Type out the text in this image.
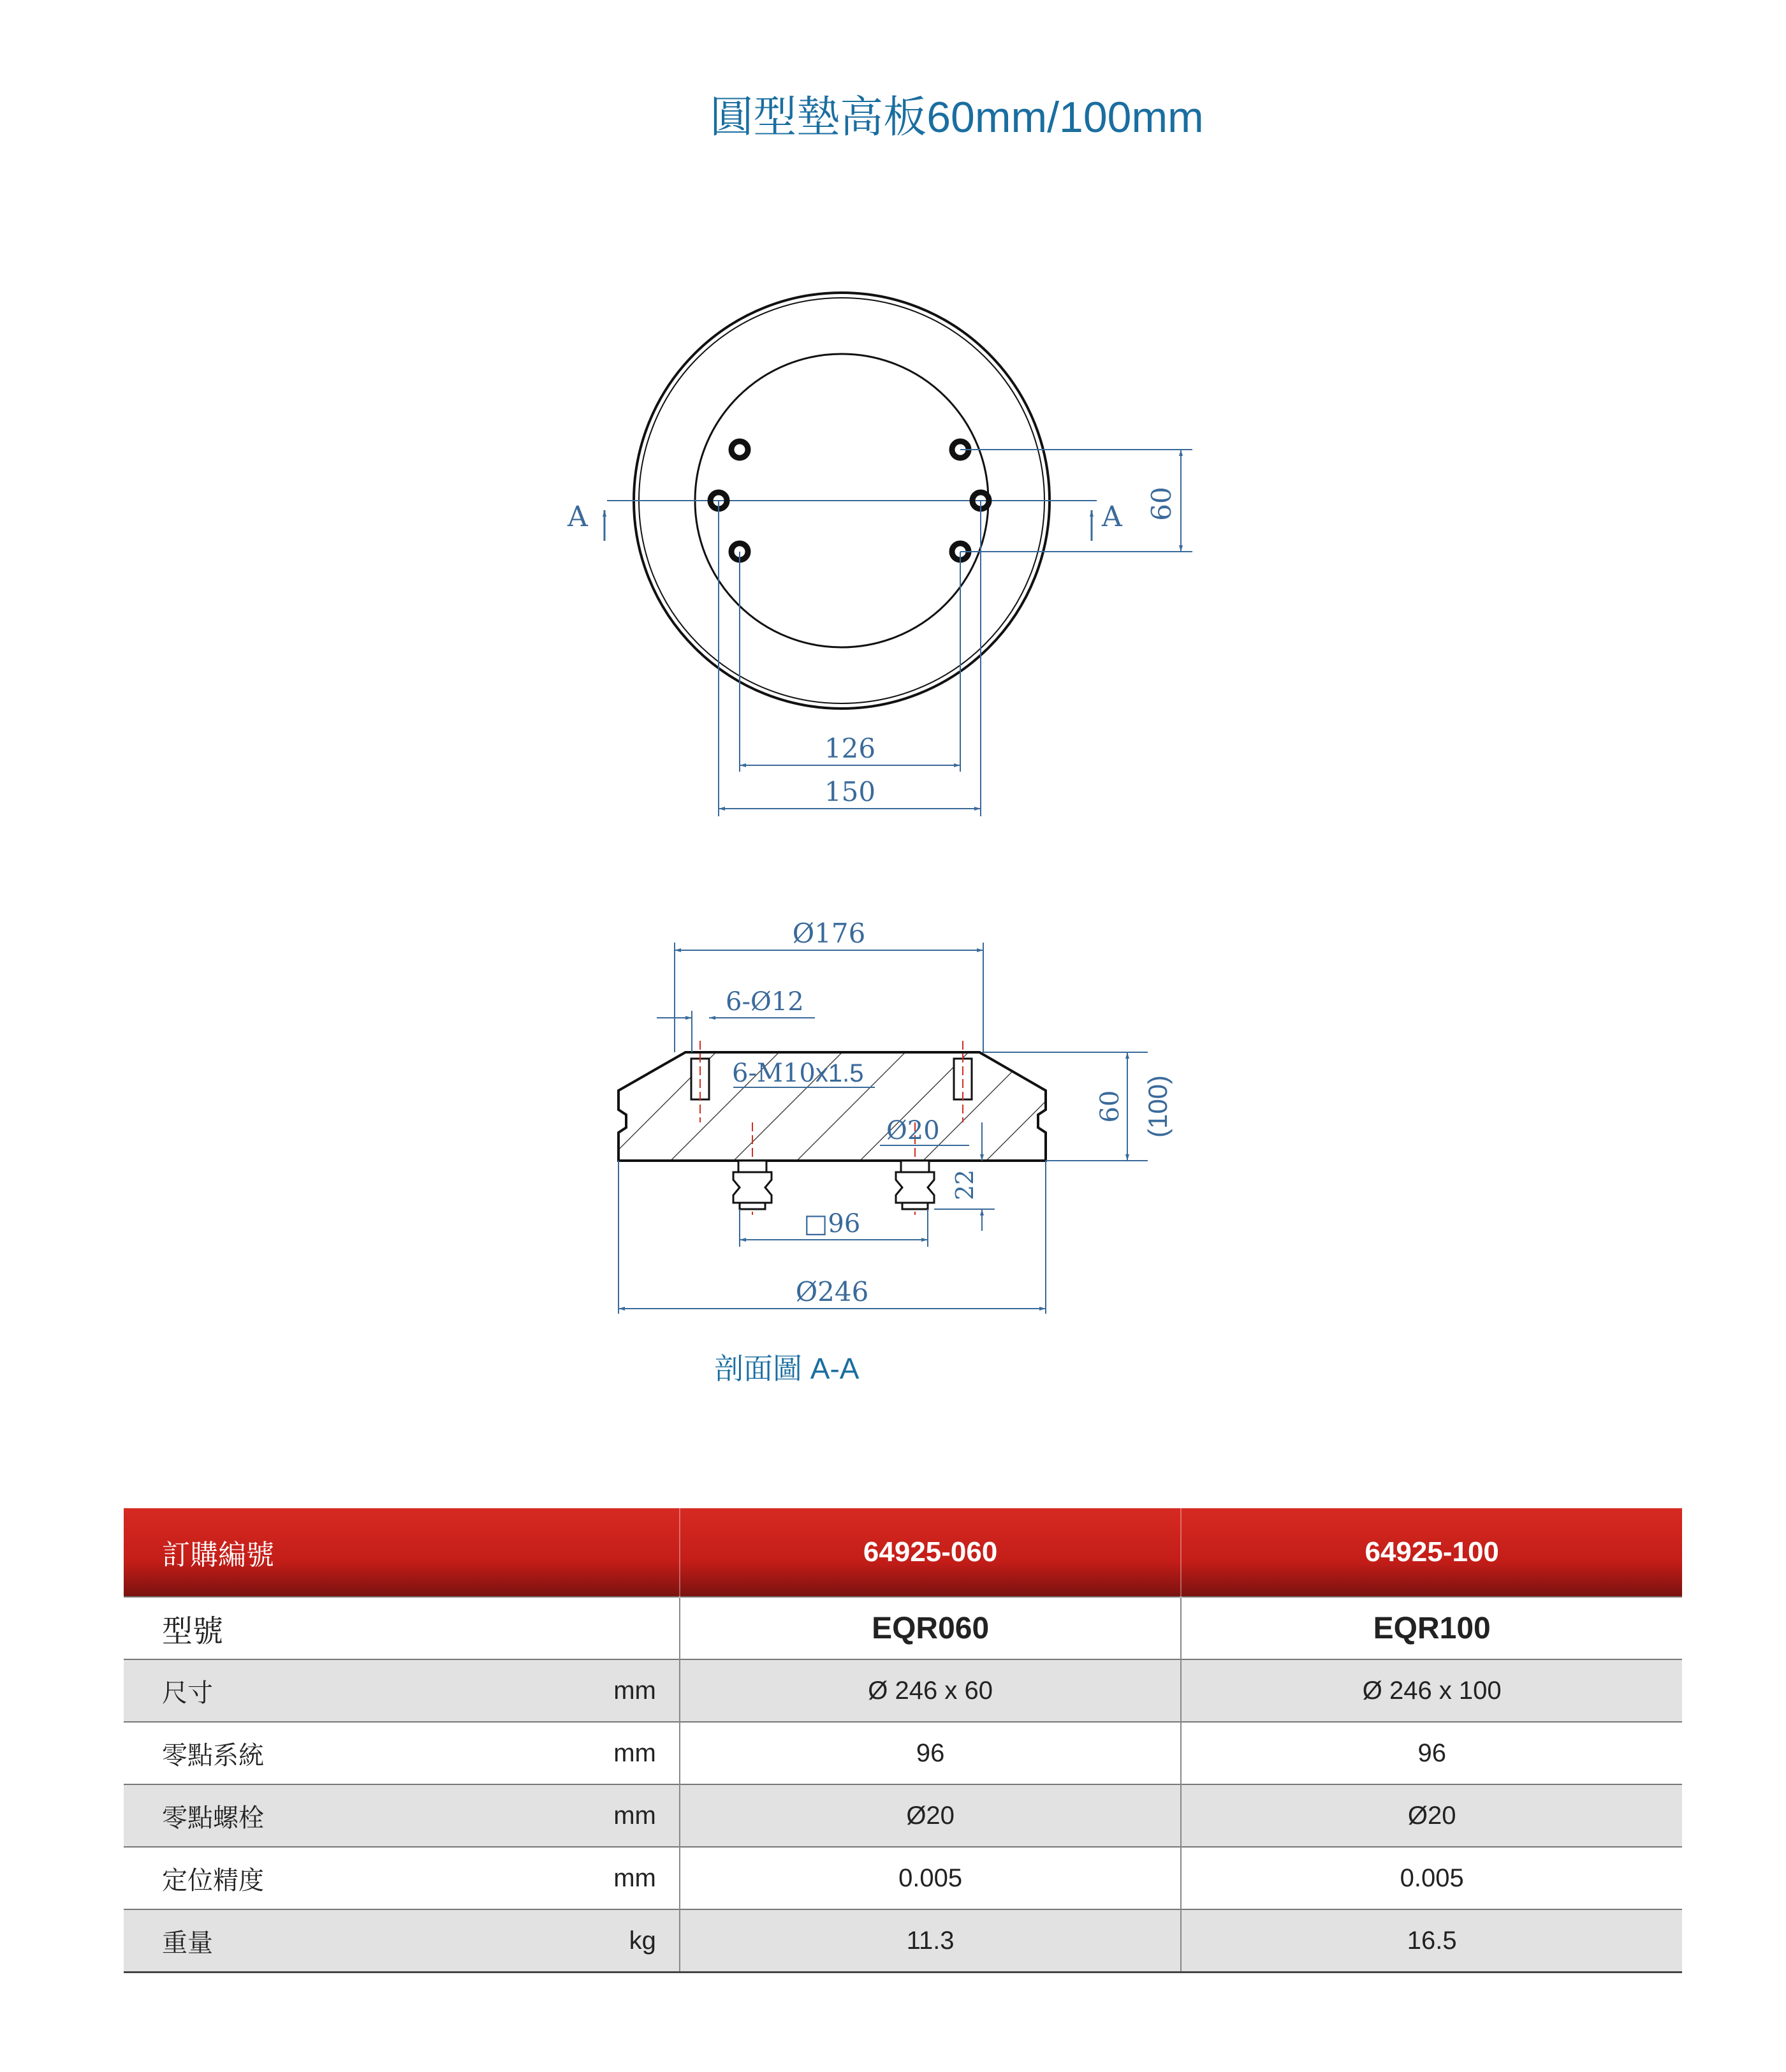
圓型墊高板60mm/100mm
A	A
126
150
60
Ø176
6-Ø12
6-M10x1.5
Ø20
60 (100)
22
□96
Ø246
剖面圖 A-A
訂購編號		64925-060	64925-100
型號		EQR060	EQR100
尺寸	mm	Ø 246 x 60	Ø 246 x 100
零點系統	mm	96	96
零點螺栓	mm	Ø20	Ø20
定位精度	mm	0.005	0.005
重量	kg	11.3	16.5
